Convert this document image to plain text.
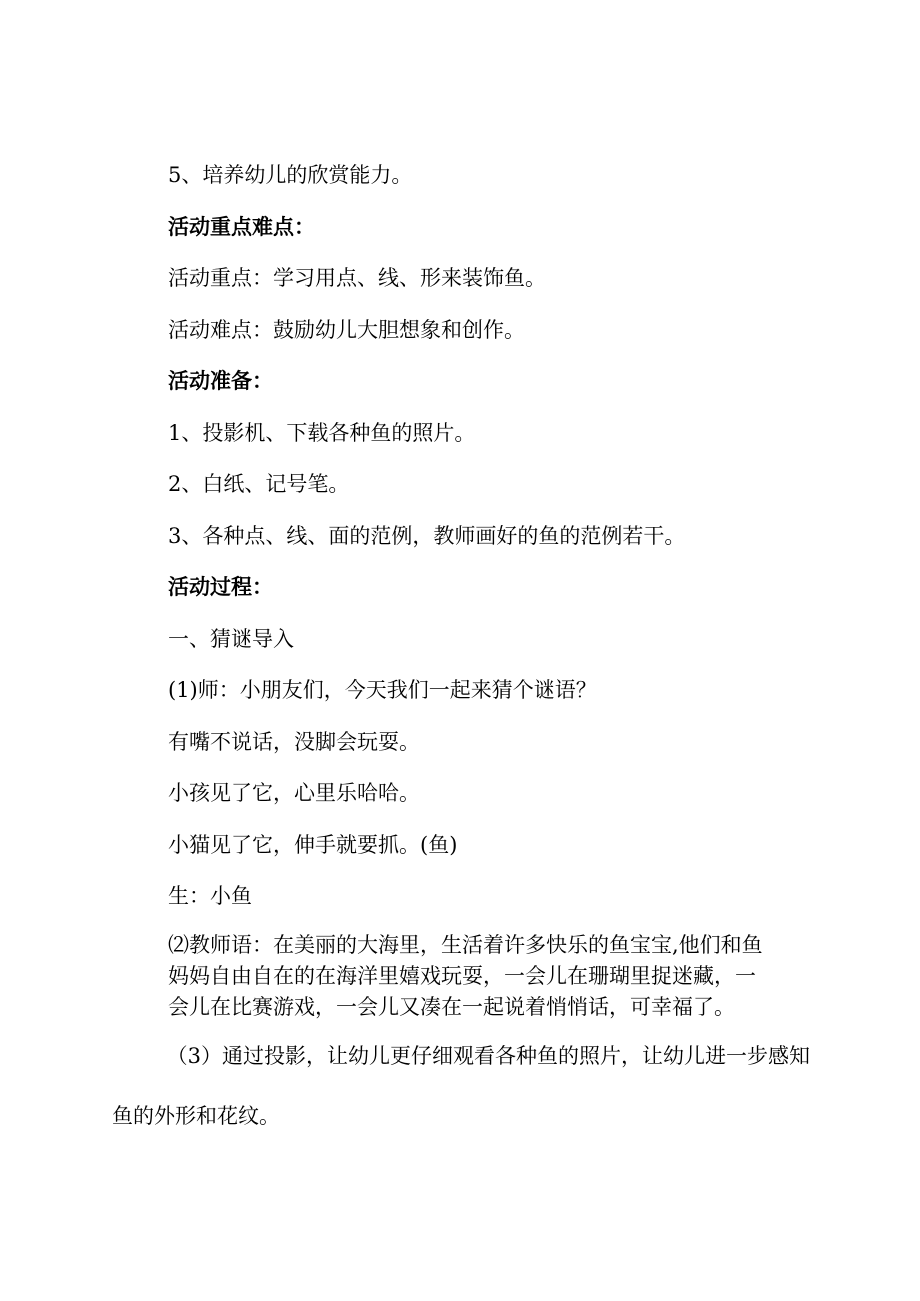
5、培养幼儿的欣赏能力。
活动重点难点：
活动重点：学习用点、线、形来装饰鱼。
活动难点：鼓励幼儿大胆想象和创作。
活动准备：
1、投影机、下载各种鱼的照片。
2、白纸、记号笔。
3、各种点、线、面的范例，教师画好的鱼的范例若干。
活动过程：
一、猜谜导入
(1)师：小朋友们，今天我们一起来猜个谜语？
有嘴不说话，没脚会玩耍。
小孩见了它，心里乐哈哈。
小猫见了它，伸手就要抓。(鱼)
生：小鱼
⑵教师语：在美丽的大海里，生活着许多快乐的鱼宝宝,他们和鱼妈妈自由自在的在海洋里嬉戏玩耍，一会儿在珊瑚里捉迷藏，一会儿在比赛游戏，一会儿又凑在一起说着悄悄话，可幸福了。
（3）通过投影，让幼儿更仔细观看各种鱼的照片，让幼儿进一步感知鱼的外形和花纹。
